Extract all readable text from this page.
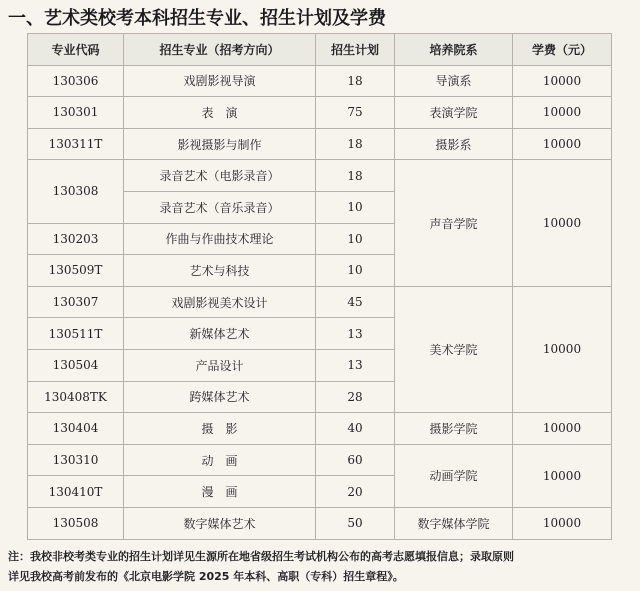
一、艺术类校考本科招生专业、招生计划及学费
专业代码	招生专业（招考方向）	招生计划	培养院系	学费（元）
130306	戏剧影视导演	18	导演系	10000
130301	表　演	75	表演学院	10000
130311T	影视摄影与制作	18	摄影系	10000
130308	录音艺术（电影录音）	18	声音学院	10000
	录音艺术（音乐录音）	10		
130203	作曲与作曲技术理论	10		
130509T	艺术与科技	10		
130307	戏剧影视美术设计	45	美术学院	10000
130511T	新媒体艺术	13		
130504	产品设计	13		
130408TK	跨媒体艺术	28		
130404	摄　影	40	摄影学院	10000
130310	动　画	60	动画学院	10000
130410T	漫　画	20		
130508	数字媒体艺术	50	数字媒体学院	10000
注：我校非校考类专业的招生计划详见生源所在地省级招生考试机构公布的高考志愿填报信息；录取原则
详见我校高考前发布的《北京电影学院 2025 年本科、高职（专科）招生章程》。
